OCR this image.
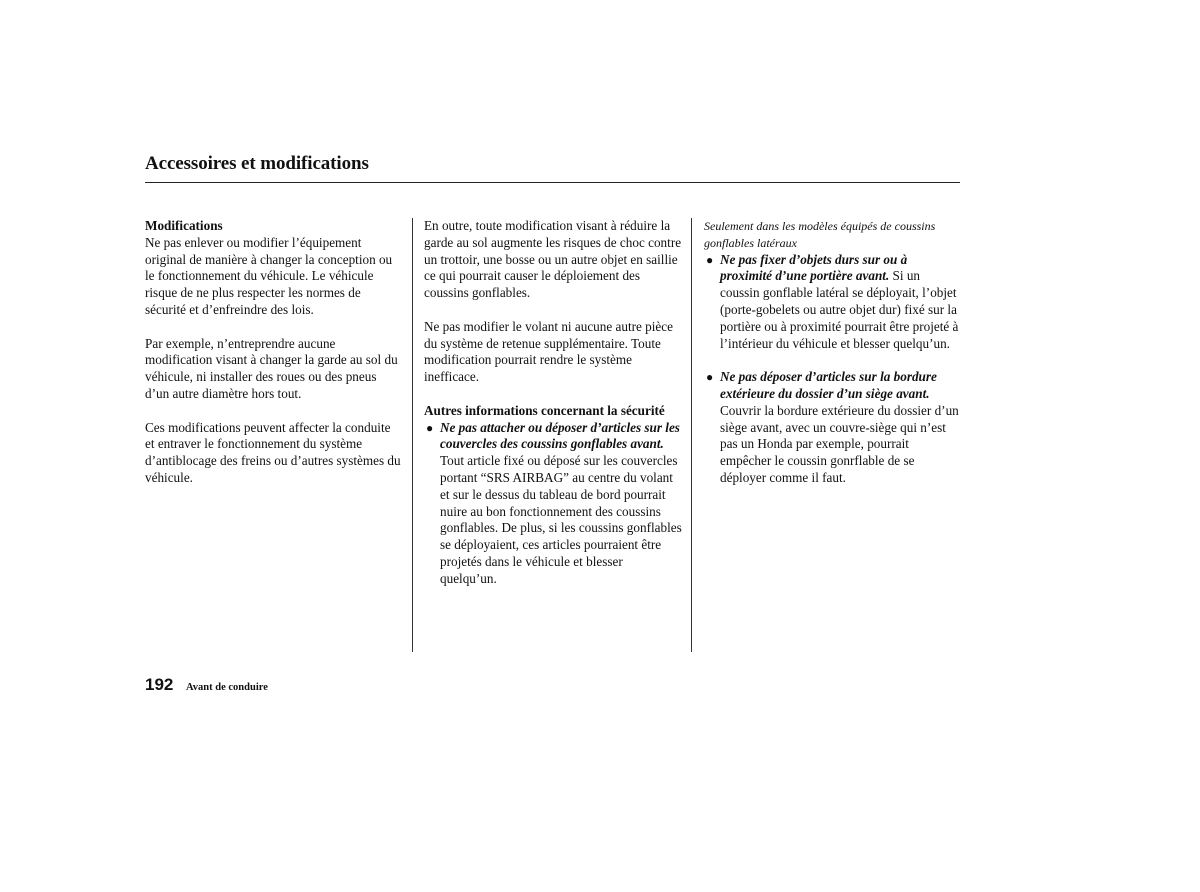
Accessoires et modifications
Modifications

Ne pas enlever ou modifier l’équipement original de manière à changer la conception ou le fonctionnement du véhicule. Le véhicule risque de ne plus respecter les normes de sécurité et d’enfreindre des lois.

Par exemple, n’entreprendre aucune modification visant à changer la garde au sol du véhicule, ni installer des roues ou des pneus d’un autre diamètre hors tout.

Ces modifications peuvent affecter la conduite et entraver le fonctionnement du système d’antiblocage des freins ou d’autres systèmes du véhicule.

En outre, toute modification visant à réduire la garde au sol augmente les risques de choc contre un trottoir, une bosse ou un autre objet en saillie ce qui pourrait causer le déploiement des coussins gonflables.

Ne pas modifier le volant ni aucune autre pièce du système de retenue supplémentaire. Toute modification pourrait rendre le système inefficace.

Autres informations concernant la sécurité
● Ne pas attacher ou déposer d’articles sur les couvercles des coussins gonflables avant. Tout article fixé ou déposé sur les couvercles portant “SRS AIRBAG” au centre du volant et sur le dessus du tableau de bord pourrait nuire au bon fonctionnement des coussins gonflables. De plus, si les coussins gonflables se déployaient, ces articles pourraient être projetés dans le véhicule et blesser quelqu’un.
Seulement dans les modèles équipés de coussins gonflables latéraux
● Ne pas fixer d’objets durs sur ou à proximité d’une portière avant. Si un coussin gonflable latéral se déployait, l’objet (porte-gobelets ou autre objet dur) fixé sur la portière ou à proximité pourrait être projeté à l’intérieur du véhicule et blesser quelqu’un.
● Ne pas déposer d’articles sur la bordure extérieure du dossier d’un siège avant. Couvrir la bordure extérieure du dossier d’un siège avant, avec un couvre-siège qui n’est pas un Honda par exemple, pourrait empêcher le coussin gonrflable de se déployer comme il faut.
192 Avant de conduire
